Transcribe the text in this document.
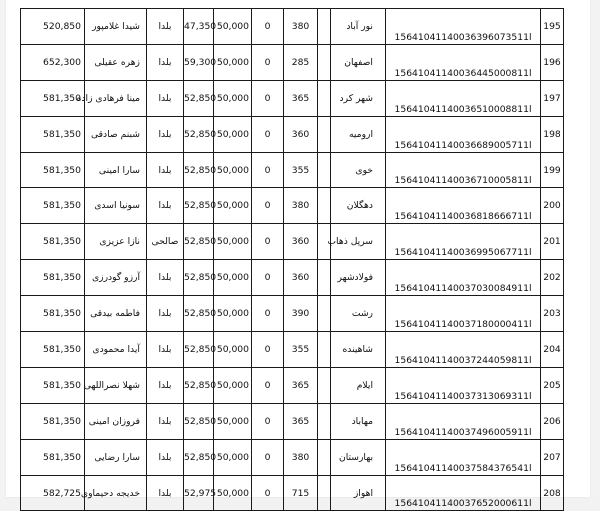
520,850	شیدا غلامپور	بلدا	47,350	50,000	0	380		نور آباد	15641041140036396073511l	195
652,300	زهره عقیلی	بلدا	59,300	50,000	0	285		اصفهان	15641041140036445000811l	196
581,350	مینا فرهادی زاده	بلدا	52,850	50,000	0	365		شهر کرد	15641041140036510008811l	197
581,350	شبنم صادقی	بلدا	52,850	50,000	0	360		ارومیه	15641041140036689005711l	198
581,350	سارا امینی	بلدا	52,850	50,000	0	355		خوی	15641041140036710005811l	199
581,350	سونیا اسدی	بلدا	52,850	50,000	0	380		دهگلان	15641041140036818666711l	200
581,350	نازا عزیزی	صالحی	52,850	50,000	0	360		سرپل ذهاب	15641041140036995067711l	201
581,350	آرزو گودرزی	بلدا	52,850	50,000	0	360		فولادشهر	15641041140037030084911l	202
581,350	فاطمه بیدقی	بلدا	52,850	50,000	0	390		رشت	15641041140037180000411l	203
581,350	آیدا محمودی	بلدا	52,850	50,000	0	355		شاهینده	15641041140037244059811l	204
581,350	شهلا نصراللهی	بلدا	52,850	50,000	0	365		ایلام	15641041140037313069311l	205
581,350	فروزان امینی	بلدا	52,850	50,000	0	365		مهاباد	15641041140037496005911l	206
581,350	سارا رضایی	بلدا	52,850	50,000	0	380		بهارستان	15641041140037584376541l	207
582,725	خدیجه دحیماوی	بلدا	52,975	50,000	0	715		اهواز	15641041140037652000611l	208
